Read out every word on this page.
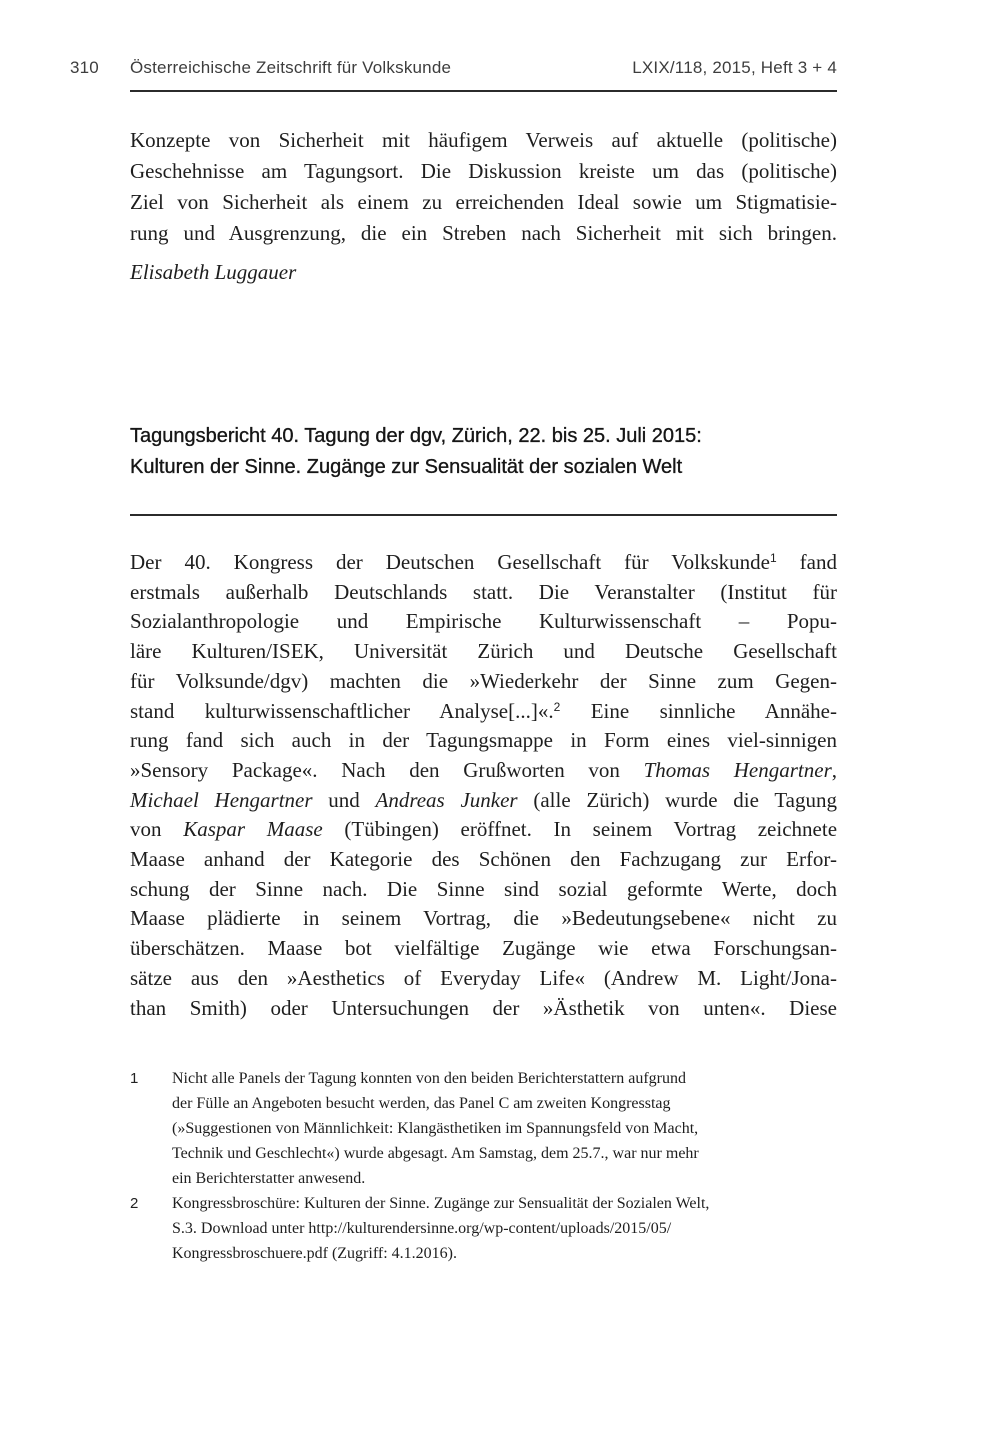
310	Österreichische Zeitschrift für Volkskunde	LXIX/118, 2015, Heft 3 + 4
Konzepte von Sicherheit mit häufigem Verweis auf aktuelle (politische)
Geschehnisse am Tagungsort. Die Diskussion kreiste um das (politische)
Ziel von Sicherheit als einem zu erreichenden Ideal sowie um Stigmatisie-
rung und Ausgrenzung, die ein Streben nach Sicherheit mit sich bringen.
Elisabeth Luggauer
Tagungsbericht 40. Tagung der dgv, Zürich, 22. bis 25. Juli 2015:
Kulturen der Sinne. Zugänge zur Sensualität der sozialen Welt
Der 40. Kongress der Deutschen Gesellschaft für Volkskunde$^1$ fand
erstmals außerhalb Deutschlands statt. Die Veranstalter (Institut für
Sozialanthropologie und Empirische Kulturwissenschaft – Popu-
läre Kulturen/ISEK, Universität Zürich und Deutsche Gesellschaft
für Volksunde/dgv) machten die »Wiederkehr der Sinne zum Gegen-
stand kulturwissenschaftlicher Analyse[...]«.$^2$ Eine sinnliche Annähe-
rung fand sich auch in der Tagungsmappe in Form eines viel-sinnigen
»Sensory Package«. Nach den Grußworten von Thomas Hengartner,
Michael Hengartner und Andreas Junker (alle Zürich) wurde die Tagung
von Kaspar Maase (Tübingen) eröffnet. In seinem Vortrag zeichnete
Maase anhand der Kategorie des Schönen den Fachzugang zur Erfor-
schung der Sinne nach. Die Sinne sind sozial geformte Werte, doch
Maase plädierte in seinem Vortrag, die »Bedeutungsebene« nicht zu
überschätzen. Maase bot vielfältige Zugänge wie etwa Forschungsan-
sätze aus den »Aesthetics of Everyday Life« (Andrew M. Light/Jona-
than Smith) oder Untersuchungen der »Ästhetik von unten«. Diese
1	Nicht alle Panels der Tagung konnten von den beiden Berichterstattern aufgrund
der Fülle an Angeboten besucht werden, das Panel C am zweiten Kongresstag
(»Suggestionen von Männlichkeit: Klangästhetiken im Spannungsfeld von Macht,
Technik und Geschlecht«) wurde abgesagt. Am Samstag, dem 25.7., war nur mehr
ein Berichterstatter anwesend.
2	Kongressbroschüre: Kulturen der Sinne. Zugänge zur Sensualität der Sozialen Welt,
S.3. Download unter http://kulturendersinne.org/wp-content/uploads/2015/05/
Kongressbroschuere.pdf (Zugriff: 4.1.2016).
